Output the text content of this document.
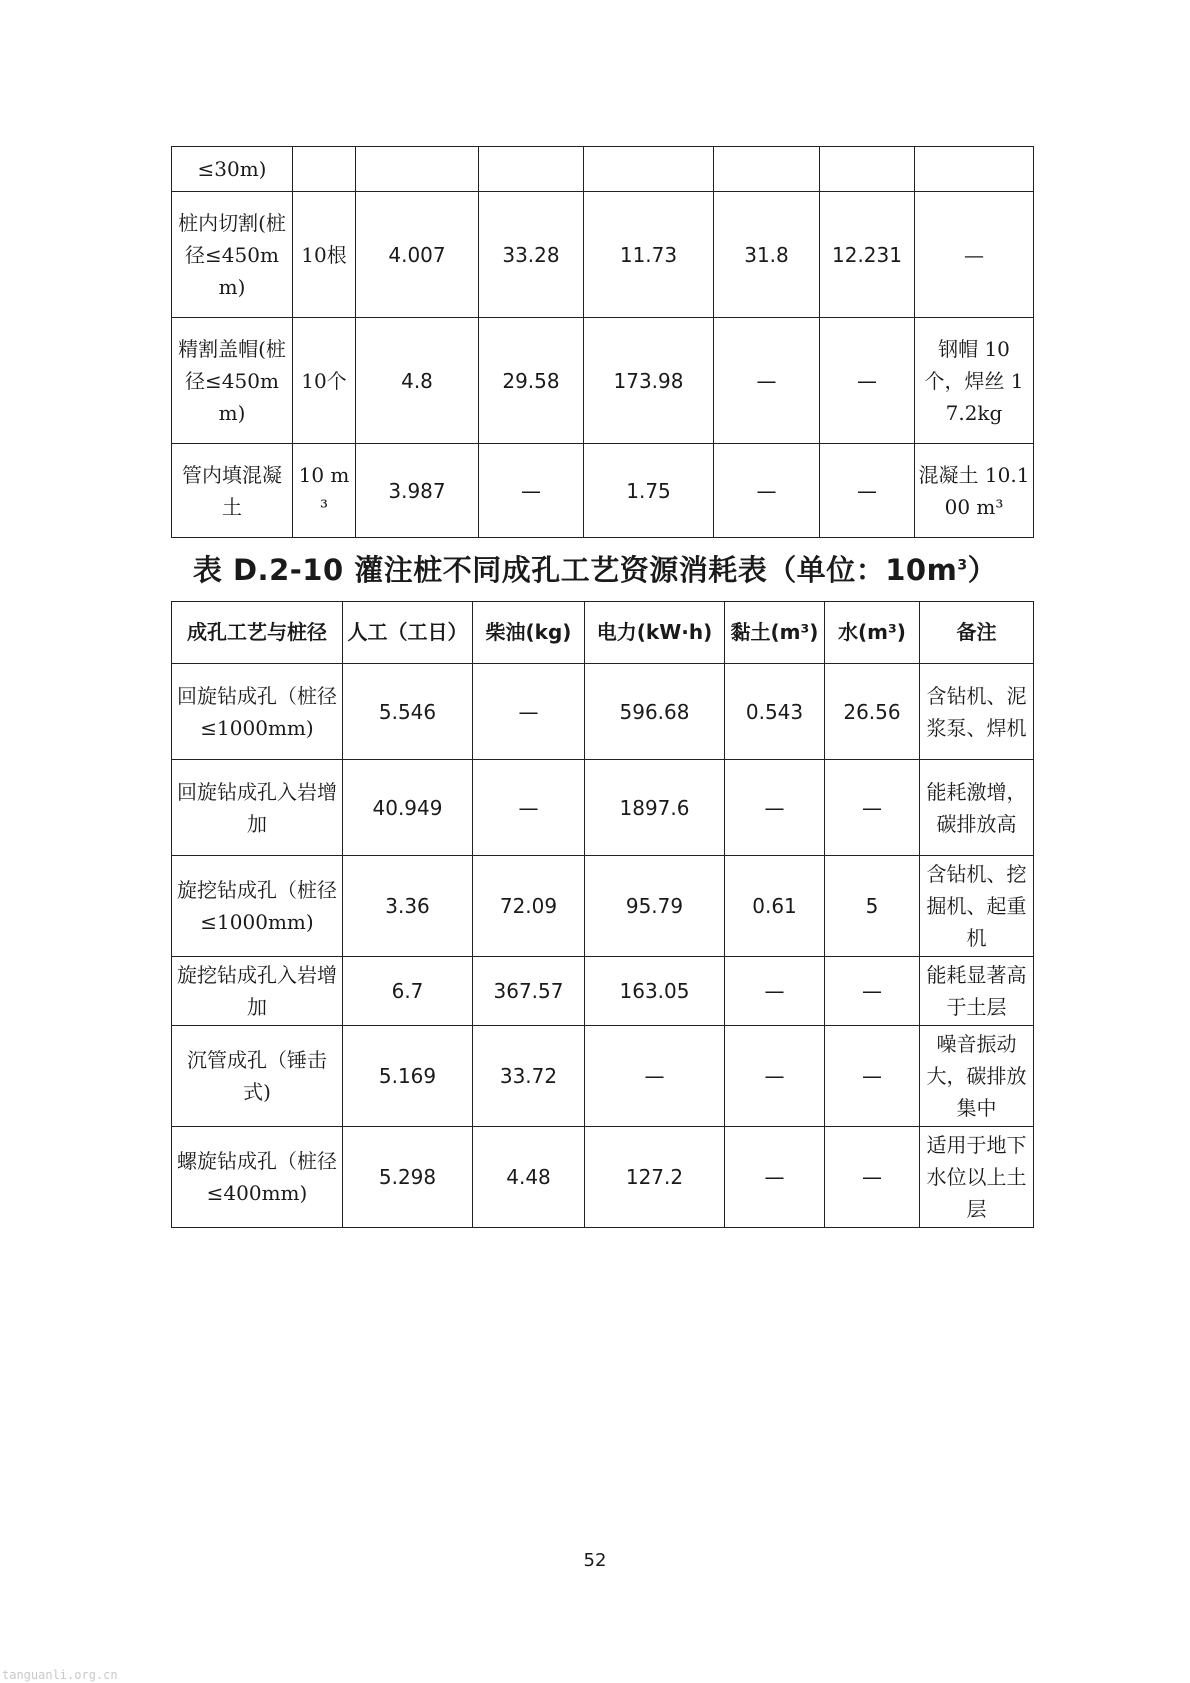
≤30m)							
桩内切割(桩径≤450mm)	10根	4.007	33.28	11.73	31.8	12.231	—
精割盖帽(桩径≤450mm)	10个	4.8	29.58	173.98	—	—	钢帽 10 个，焊丝 17.2kg
管内填混凝土	10 m³	3.987	—	1.75	—	—	混凝土 10.100 m³
表 D.2-10 灌注桩不同成孔工艺资源消耗表（单位：$10m^3$）
成孔工艺与桩径	人工（工日）	柴油(kg)	电力(kW·h)	黏土(m³)	水(m³)	备注
回旋钻成孔（桩径≤1000mm)	5.546	—	596.68	0.543	26.56	含钻机、泥浆泵、焊机
回旋钻成孔入岩增加	40.949	—	1897.6	—	—	能耗激增，碳排放高
旋挖钻成孔（桩径≤1000mm)	3.36	72.09	95.79	0.61	5	含钻机、挖掘机、起重机
旋挖钻成孔入岩增加	6.7	367.57	163.05	—	—	能耗显著高于土层
沉管成孔（锤击式)	5.169	33.72	—	—	—	噪音振动大，碳排放集中
螺旋钻成孔（桩径≤400mm)	5.298	4.48	127.2	—	—	适用于地下水位以上土层
52
tanguanli.org.cn
